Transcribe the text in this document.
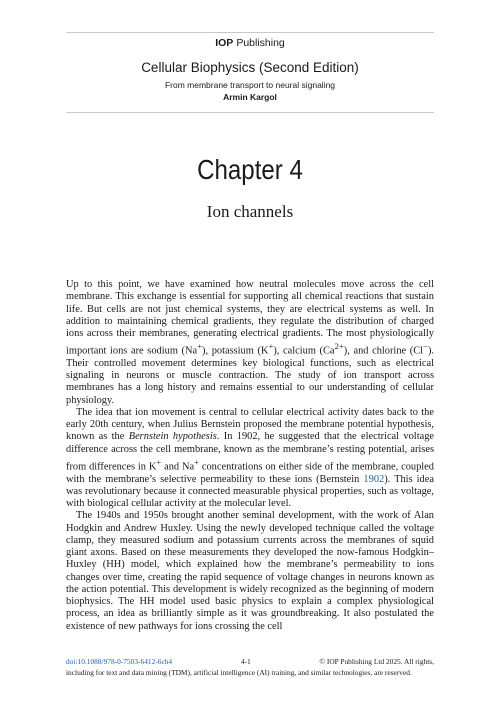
IOP Publishing
Cellular Biophysics (Second Edition)
From membrane transport to neural signaling
Armin Kargol
Chapter 4
Ion channels

Up to this point, we have examined how neutral molecules move across the cell membrane. This exchange is essential for supporting all chemical reactions that sustain life. But cells are not just chemical systems, they are electrical systems as well. In addition to maintaining chemical gradients, they regulate the distribution of charged ions across their membranes, generating electrical gradients. The most physiologically important ions are sodium (Na+), potassium (K+), calcium $(Ca^{2+})$, and chlorine (Cl−). Their controlled movement determines key biological functions, such as electrical signaling in neurons or muscle contraction. The study of ion transport across membranes has a long history and remains essential to our understanding of cellular physiology.

The idea that ion movement is central to cellular electrical activity dates back to the early 20th century, when Julius Bernstein proposed the membrane potential hypothesis, known as the Bernstein hypothesis. In 1902, he suggested that the electrical voltage difference across the cell membrane, known as the membrane’s resting potential, arises from differences in K+ and Na+ concentrations on either side of the membrane, coupled with the membrane’s selective permeability to these ions (Bernstein 1902). This idea was revolutionary because it connected measurable physical properties, such as voltage, with biological cellular activity at the molecular level.

The 1940s and 1950s brought another seminal development, with the work of Alan Hodgkin and Andrew Huxley. Using the newly developed technique called the voltage clamp, they measured sodium and potassium currents across the membranes of squid giant axons. Based on these measurements they developed the now-famous Hodgkin–Huxley (HH) model, which explained how the membrane’s permeability to ions changes over time, creating the rapid sequence of voltage changes in neurons known as the action potential. This development is widely recognized as the beginning of modern biophysics. The HH model used basic physics to explain a complex physiological process, an idea as brilliantly simple as it was groundbreaking. It also postulated the existence of new pathways for ions crossing the cell

doi:10.1088/978-0-7503-6412-6ch4	4-1	© IOP Publishing Ltd 2025. All rights,
including for text and data mining (TDM), artificial intelligence (AI) training, and similar technologies, are reserved.
